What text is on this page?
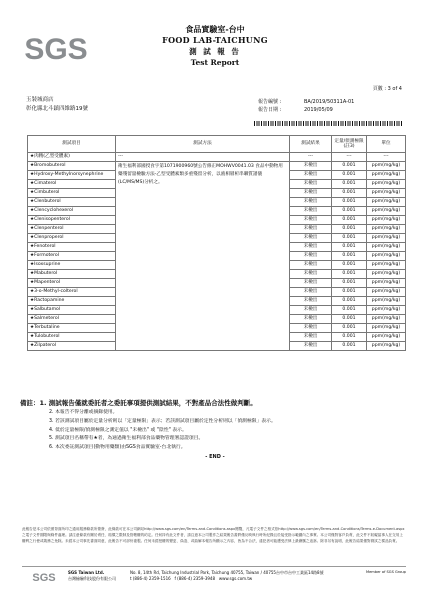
SGS
食品實驗室-台中
FOOD LAB-TAICHUNG
測 試 報 告
Test Report
頁數 : 3 of 4
玉裝城商店
彰化縣北斗鎮四維路19號
報告編號 :	BA/2019/50311A-01
報告日期 :	2019/05/09
測試項目	測試方法	測試結果	定量/偵測極限(註3)	單位
★肉精(乙型受體素)	---	---	---	---
★Bromobuterol	衛生福利部國授食字第1071900960號公告修正MOHWV0041.03 食品中動物用藥殘留量檢驗方法-乙型受體素類多重殘留分析，以液相層析串聯質譜儀(LC/MS/MS)分析之。	未檢出	0.001	ppm(mg/kg)
★Hydroxy-Methylnorsynephrine		未檢出	0.001	ppm(mg/kg)
★Cimaterol		未檢出	0.001	ppm(mg/kg)
★Cimbuterol		未檢出	0.001	ppm(mg/kg)
★Clenbuterol		未檢出	0.001	ppm(mg/kg)
★Clencyclohexerol		未檢出	0.001	ppm(mg/kg)
★Clenisopenterol		未檢出	0.001	ppm(mg/kg)
★Clenpenterol		未檢出	0.001	ppm(mg/kg)
★Clenproperol		未檢出	0.001	ppm(mg/kg)
★Fenoterol		未檢出	0.001	ppm(mg/kg)
★Formoterol		未檢出	0.001	ppm(mg/kg)
★Isoxsuprine		未檢出	0.001	ppm(mg/kg)
★Mabuterol		未檢出	0.001	ppm(mg/kg)
★Mapenterol		未檢出	0.001	ppm(mg/kg)
★3-o-Methyl-colterol		未檢出	0.001	ppm(mg/kg)
★Ractopamine		未檢出	0.001	ppm(mg/kg)
★Salbutamol		未檢出	0.001	ppm(mg/kg)
★Salmeterol		未檢出	0.001	ppm(mg/kg)
★Terbutaline		未檢出	0.001	ppm(mg/kg)
★Tulobuterol		未檢出	0.001	ppm(mg/kg)
★Zilpaterol		未檢出	0.001	ppm(mg/kg)
備註：1. 測試報告僅就委託者之委託事項提供測試結果，不對產品合法性做判斷。
2. 本報告不得分離或摘錄使用。
3. 若該測試項目屬於定量分析則以「定量極限」表示；若該測試項目屬於定性分析則以「偵測極限」表示。
4. 低於定量極限/偵測極限之測定值以 "未檢出" 或 "陰性" 表示。
5. 測試項目名稱帶有★者，為通過衛生福利部食品藥物管理署認證項目。
6. 本次委託測試項目(動物用藥類)由SGS食品實驗室-台北執行。
- END -
此報告是本公司依照背面所印之通用服務條款所簽發，此條款可在本公司網站http://www.sgs.com/en/Terms-and-Conditions.aspx閱覽，凡電子文件之格式依http://www.sgs.com/en/Terms-and-Conditions/Terms-e-Document.aspx之電子文件期限與條件處理。請注意條款有關於責任、賠償之限制及管轄權的約定。任何持有此文件者，請注意本公司製作之結果報告書將僅反映執行時所紀錄且於接受指示範圍內之事實。本公司僅對客戶負責，此文件不妨礙當事人在交易上權利之行使或義務之免除。未經本公司事先書面同意，此報告不可部份複製。任何未經授權的變更、偽造、或曲解本報告所顯示之內容，皆為不合法，違犯者可能遭受法律上最嚴厲之追訴。除非另有說明，此報告結果僅對測試之樣品負責。
SGS	SGS Taiwan Ltd.
台灣檢驗科技股份有限公司
No. 8, 14th Rd, Taichung Industrial Park, Taichung 40755, Taiwan / 40755台中市台中工業區14路8號
t (886-4) 2359-1516 f (886-4) 2359-3948 www.sgs.com.tw
Member of SGS Group
